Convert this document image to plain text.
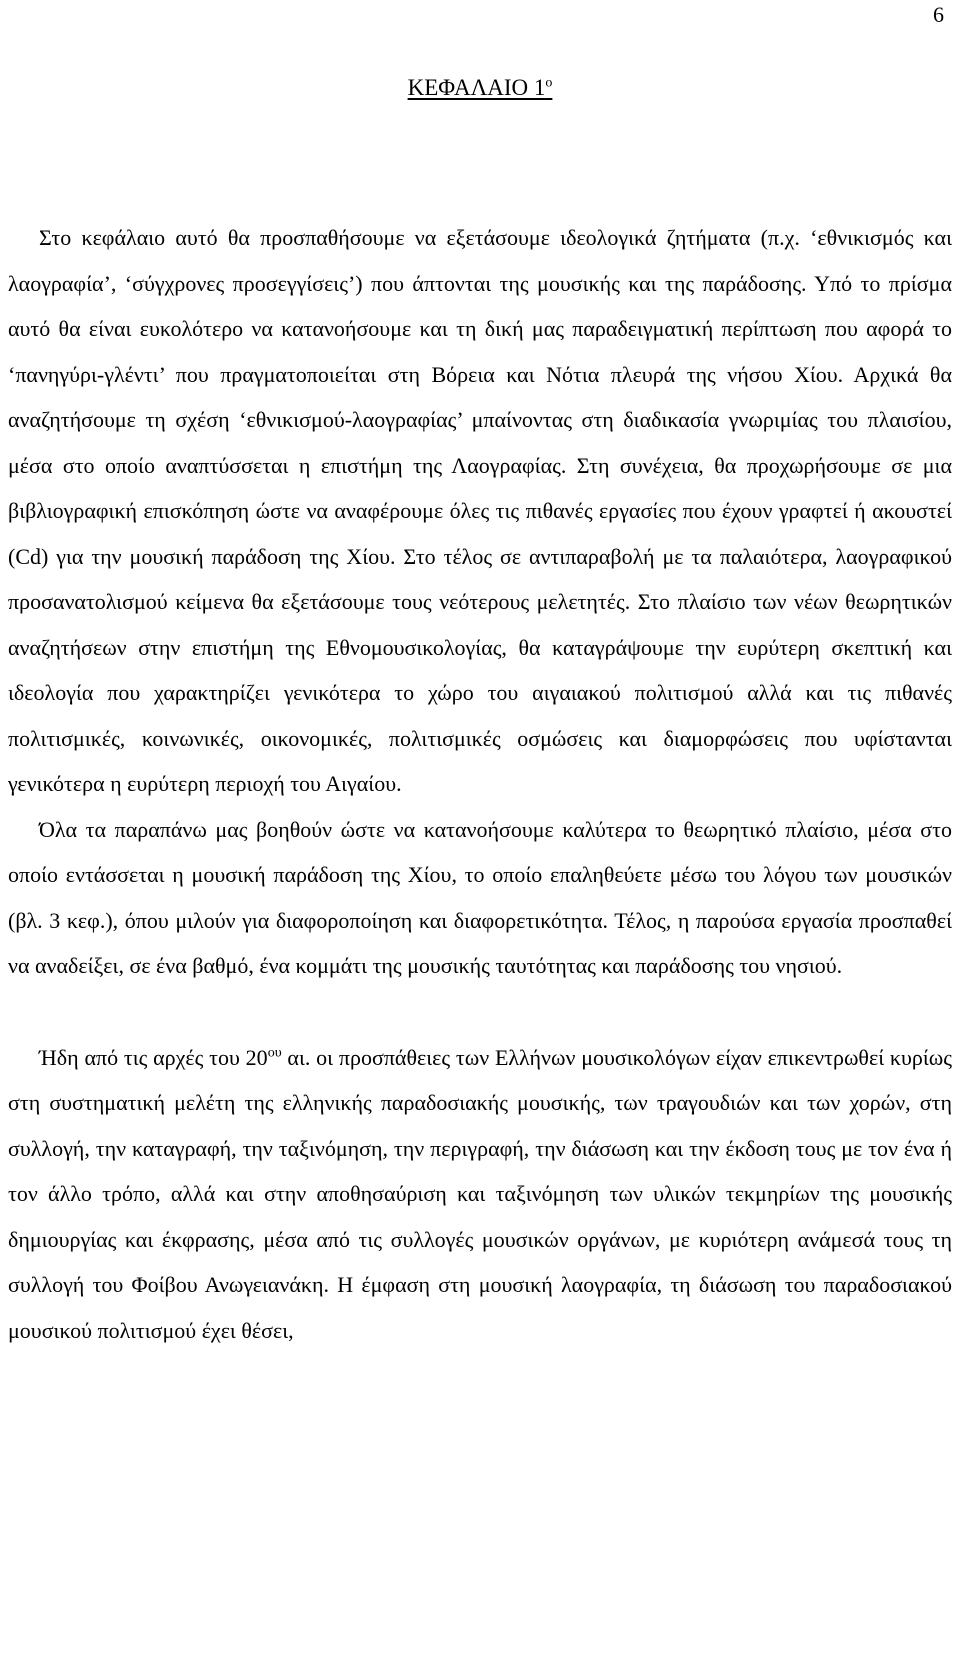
6
ΚΕΦΑΛΑΙΟ $1^o$

Στο κεφάλαιο αυτό θα προσπαθήσουμε να εξετάσουμε ιδεολογικά ζητήματα (π.χ. ‘εθνικισμός και λαογραφία’, ‘σύγχρονες προσεγγίσεις’) που άπτονται της μουσικής και της παράδοσης. Υπό το πρίσμα αυτό θα είναι ευκολότερο να κατανοήσουμε και τη δική μας παραδειγματική περίπτωση που αφορά το ‘πανηγύρι-γλέντι’ που πραγματοποιείται στη Βόρεια και Νότια πλευρά της νήσου Χίου. Αρχικά θα αναζητήσουμε τη σχέση ‘εθνικισμού-λαογραφίας’ μπαίνοντας στη διαδικασία γνωριμίας του πλαισίου, μέσα στο οποίο αναπτύσσεται η επιστήμη της Λαογραφίας. Στη συνέχεια, θα προχωρήσουμε σε μια βιβλιογραφική επισκόπηση ώστε να αναφέρουμε όλες τις πιθανές εργασίες που έχουν γραφτεί ή ακουστεί (Cd) για την μουσική παράδοση της Χίου. Στο τέλος σε αντιπαραβολή με τα παλαιότερα, λαογραφικού προσανατολισμού κείμενα θα εξετάσουμε τους νεότερους μελετητές. Στο πλαίσιο των νέων θεωρητικών αναζητήσεων στην επιστήμη της Εθνομουσικολογίας, θα καταγράψουμε την ευρύτερη σκεπτική και ιδεολογία που χαρακτηρίζει γενικότερα το χώρο του αιγαιακού πολιτισμού αλλά και τις πιθανές πολιτισμικές, κοινωνικές, οικονομικές, πολιτισμικές οσμώσεις και διαμορφώσεις που υφίστανται γενικότερα η ευρύτερη περιοχή του Αιγαίου.

Όλα τα παραπάνω μας βοηθούν ώστε να κατανοήσουμε καλύτερα το θεωρητικό πλαίσιο, μέσα στο οποίο εντάσσεται η μουσική παράδοση της Χίου, το οποίο επαληθεύετε μέσω του λόγου των μουσικών (βλ. 3 κεφ.), όπου μιλούν για διαφοροποίηση και διαφορετικότητα. Τέλος, η παρούσα εργασία προσπαθεί να αναδείξει, σε ένα βαθμό, ένα κομμάτι της μουσικής ταυτότητας και παράδοσης του νησιού.

Ήδη από τις αρχές του $20^{o\upsilon}$ αι. οι προσπάθειες των Ελλήνων μουσικολόγων είχαν επικεντρωθεί κυρίως στη συστηματική μελέτη της ελληνικής παραδοσιακής μουσικής, των τραγουδιών και των χορών, στη συλλογή, την καταγραφή, την ταξινόμηση, την περιγραφή, την διάσωση και την έκδοση τους με τον ένα ή τον άλλο τρόπο, αλλά και στην αποθησαύριση και ταξινόμηση των υλικών τεκμηρίων της μουσικής δημιουργίας και έκφρασης, μέσα από τις συλλογές μουσικών οργάνων, με κυριότερη ανάμεσά τους τη συλλογή του Φοίβου Ανωγειανάκη. Η έμφαση στη μουσική λαογραφία, τη διάσωση του παραδοσιακού μουσικού πολιτισμού έχει θέσει,
